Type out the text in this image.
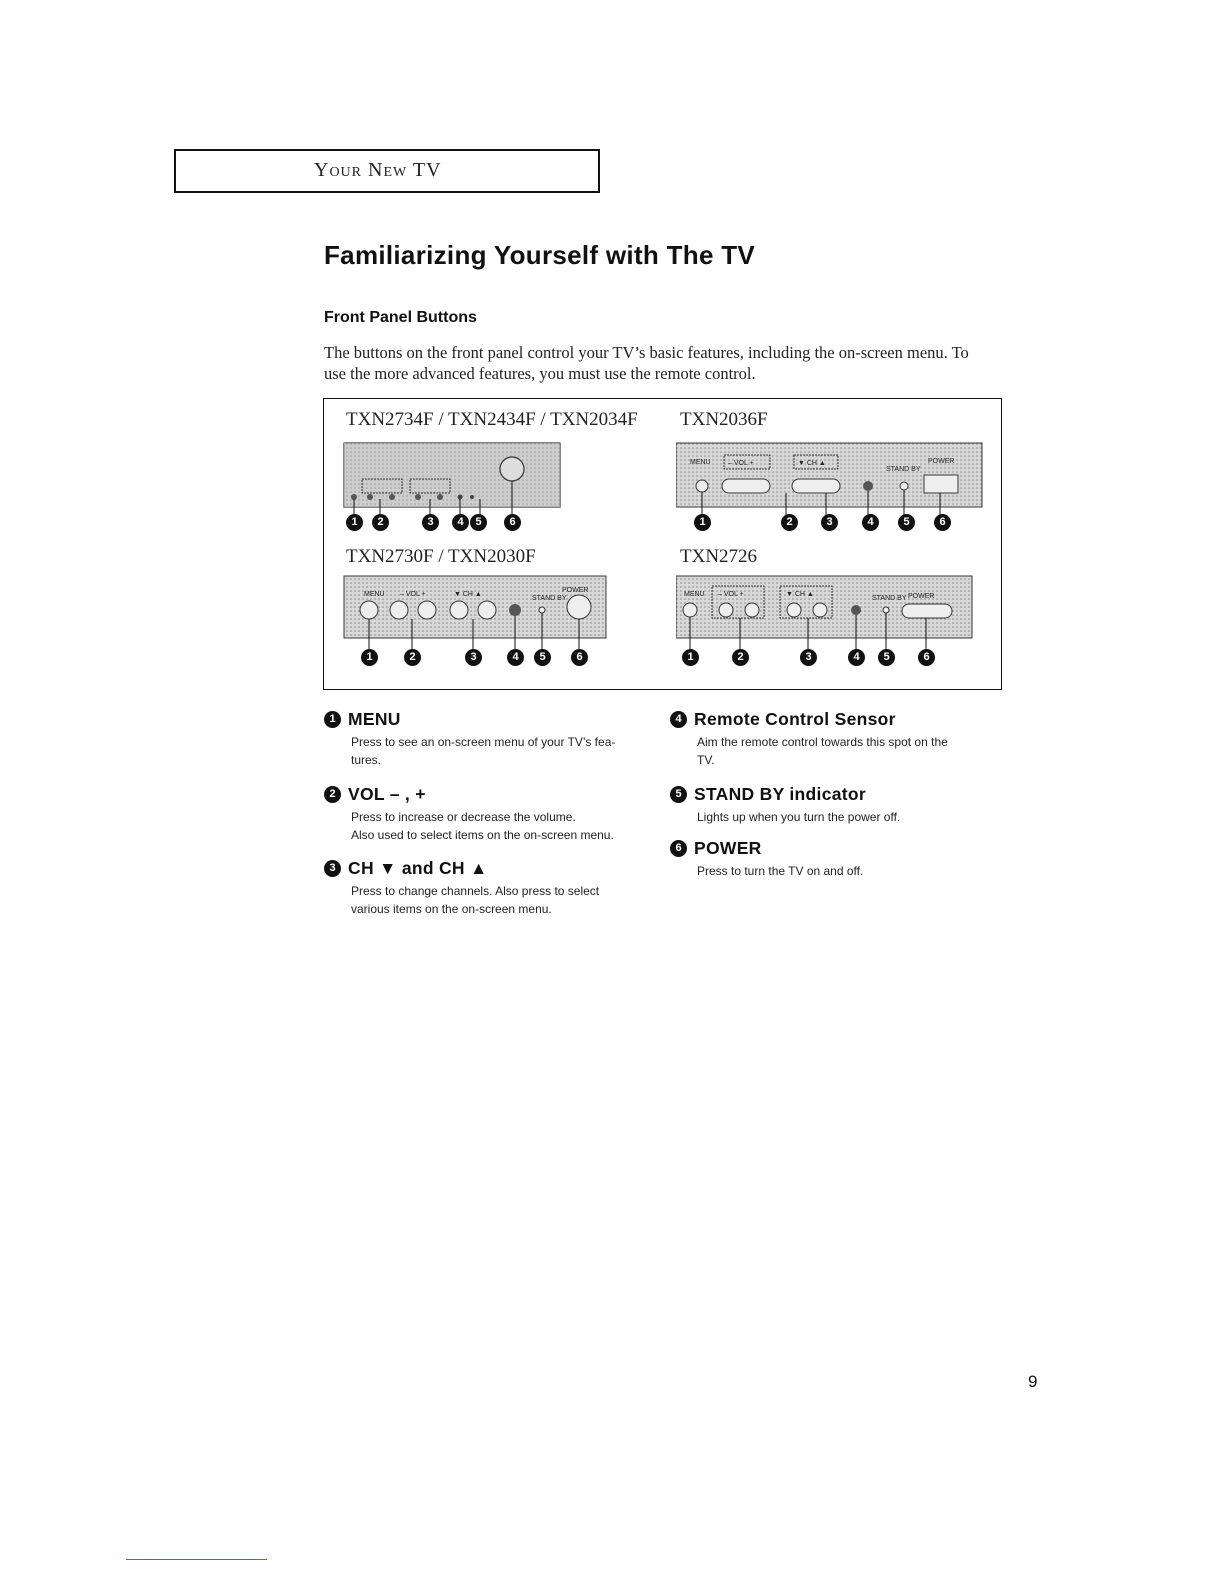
Your New TV
Familiarizing Yourself with The TV
Front Panel Buttons

The buttons on the front panel control your TV’s basic features, including the on-screen menu. To use the more advanced features, you must use the remote control.

TXN2734F / TXN2434F / TXN2034F TXN2036F
TXN2730F / TXN2030F	TXN2726
MENU – VOL +	▼ CH ▲
STAND BY
POWER
MENU – VOL +	▼ CH ▲
STAND BY
POWER
MENU – VOL +	▼ CH ▲
STAND BY POWER
1	2	3	4	5	6	1	2	3	4	5	6
1	2	3	4	5	6	1	2	3	4	5	6
1 MENU
Press to see an on-screen menu of your TV’s fea-
tures.
2 VOL – , +
Press to increase or decrease the volume.
Also used to select items on the on-screen menu.
3 CH ▼ and CH ▲
Press to change channels. Also press to select
various items on the on-screen menu.
4 Remote Control Sensor
Aim the remote control towards this spot on the
TV.
5 STAND BY indicator
Lights up when you turn the power off.
6 POWER
Press to turn the TV on and off.
9
